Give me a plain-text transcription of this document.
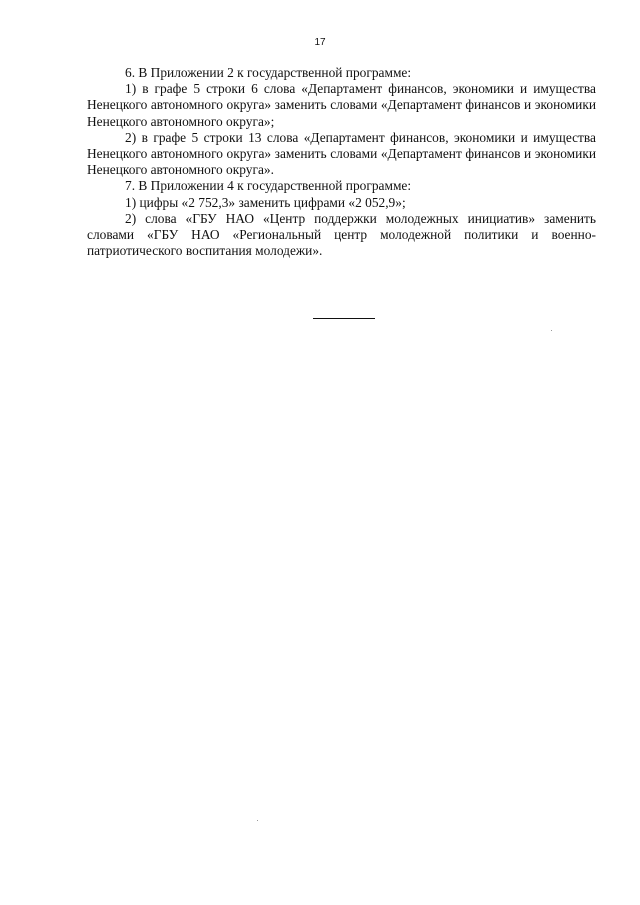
17

6. В Приложении 2 к государственной программе:

1) в графе 5 строки 6 слова «Департамент финансов, экономики и имущества Ненецкого автономного округа» заменить словами «Департамент финансов и экономики Ненецкого автономного округа»;

2) в графе 5 строки 13 слова «Департамент финансов, экономики и имущества Ненецкого автономного округа» заменить словами «Департамент финансов и экономики Ненецкого автономного округа».

7. В Приложении 4 к государственной программе:

1) цифры «2 752,3» заменить цифрами «2 052,9»;

2) слова «ГБУ НАО «Центр поддержки молодежных инициатив» заменить словами «ГБУ НАО «Региональный центр молодежной политики и военно-патриотического воспитания молодежи».
